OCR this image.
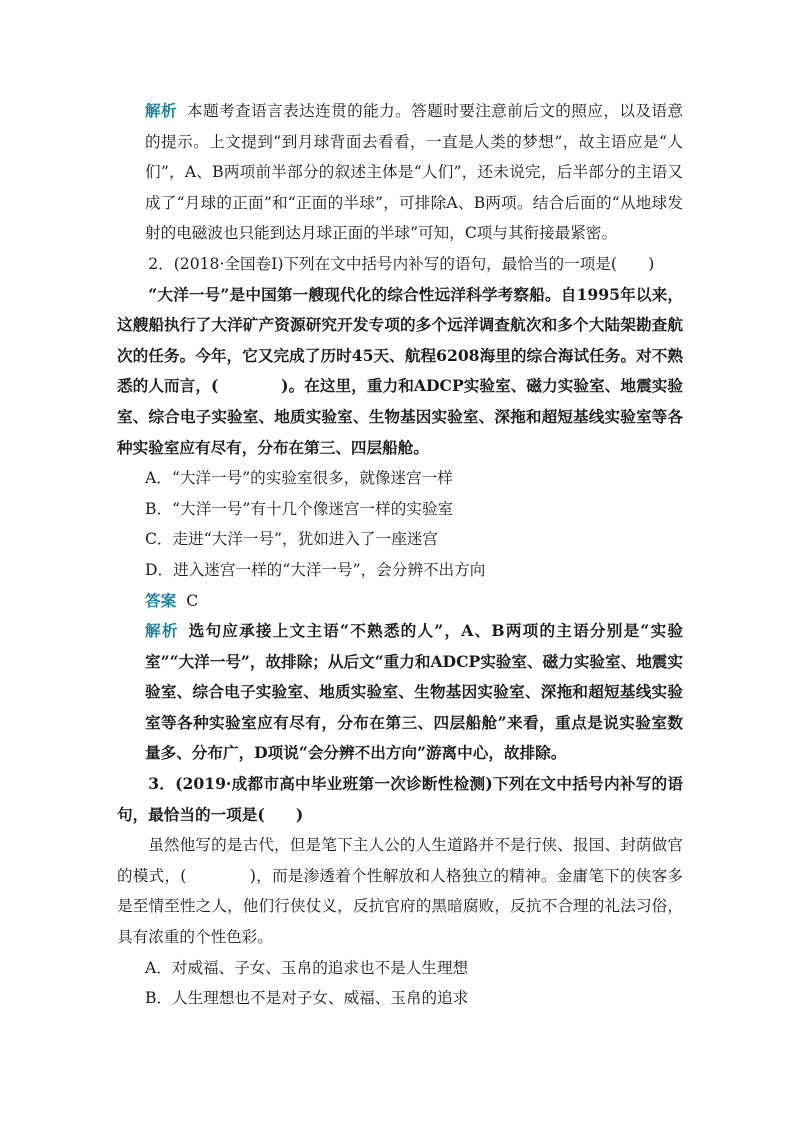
解析 本题考查语言表达连贯的能力。答题时要注意前后文的照应，以及语意的提示。上文提到“到月球背面去看看，一直是人类的梦想”，故主语应是“人们”，A、B两项前半部分的叙述主体是“人们”，还未说完，后半部分的主语又成了“月球的正面”和“正面的半球”，可排除A、B两项。结合后面的“从地球发射的电磁波也只能到达月球正面的半球”可知，C项与其衔接最紧密。

2．(2018·全国卷Ⅰ)下列在文中括号内补写的语句，最恰当的一项是(　　)

“大洋一号”是中国第一艘现代化的综合性远洋科学考察船。自1995年以来，这艘船执行了大洋矿产资源研究开发专项的多个远洋调查航次和多个大陆架勘查航次的任务。今年，它又完成了历时45天、航程6208海里的综合海试任务。对不熟悉的人而言，(　　　　)。在这里，重力和ADCP实验室、磁力实验室、地震实验室、综合电子实验室、地质实验室、生物基因实验室、深拖和超短基线实验室等各种实验室应有尽有，分布在第三、四层船舱。

A．“大洋一号”的实验室很多，就像迷宫一样

B．“大洋一号”有十几个像迷宫一样的实验室

C．走进“大洋一号”，犹如进入了一座迷宫

D．进入迷宫一样的“大洋一号”，会分辨不出方向

答案 C

解析 选句应承接上文主语“不熟悉的人”，A、B两项的主语分别是“实验室”“大洋一号”，故排除；从后文“重力和ADCP实验室、磁力实验室、地震实验室、综合电子实验室、地质实验室、生物基因实验室、深拖和超短基线实验室等各种实验室应有尽有，分布在第三、四层船舱”来看，重点是说实验室数量多、分布广，D项说“会分辨不出方向”游离中心，故排除。

3．(2019·成都市高中毕业班第一次诊断性检测)下列在文中括号内补写的语句，最恰当的一项是(　　)

虽然他写的是古代，但是笔下主人公的人生道路并不是行侠、报国、封荫做官的模式，(　　　　)，而是渗透着个性解放和人格独立的精神。金庸笔下的侠客多是至情至性之人，他们行侠仗义，反抗官府的黑暗腐败，反抗不合理的礼法习俗，具有浓重的个性色彩。

A．对威福、子女、玉帛的追求也不是人生理想

B．人生理想也不是对子女、威福、玉帛的追求
